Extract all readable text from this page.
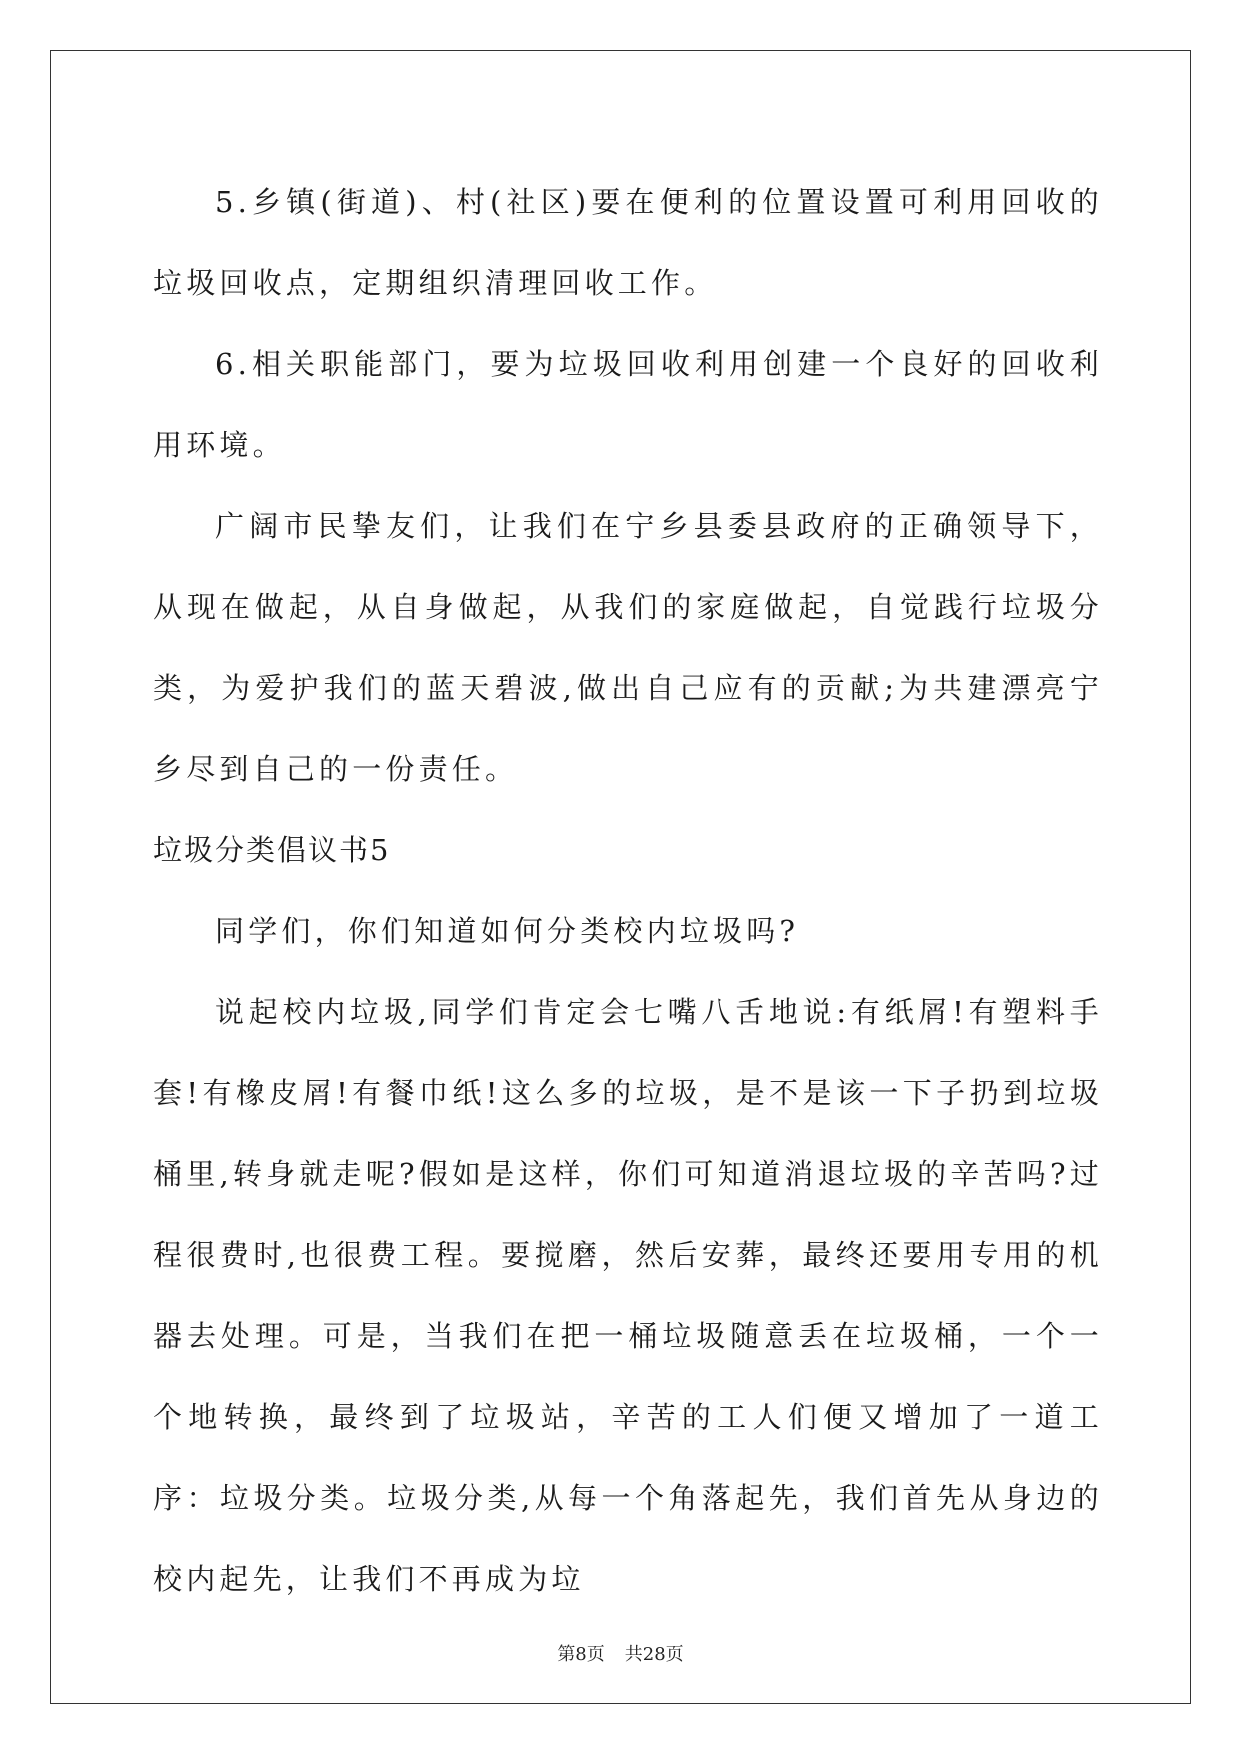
5.乡镇(街道)、村(社区)要在便利的位置设置可利用回收的垃圾回收点，定期组织清理回收工作。

6.相关职能部门，要为垃圾回收利用创建一个良好的回收利用环境。

广阔市民挚友们，让我们在宁乡县委县政府的正确领导下，从现在做起，从自身做起，从我们的家庭做起，自觉践行垃圾分类，为爱护我们的蓝天碧波,做出自己应有的贡献;为共建漂亮宁乡尽到自己的一份责任。

垃圾分类倡议书5

同学们，你们知道如何分类校内垃圾吗?

说起校内垃圾,同学们肯定会七嘴八舌地说:有纸屑!有塑料手套!有橡皮屑!有餐巾纸!这么多的垃圾，是不是该一下子扔到垃圾桶里,转身就走呢?假如是这样，你们可知道消退垃圾的辛苦吗?过程很费时,也很费工程。要搅磨，然后安葬，最终还要用专用的机器去处理。可是，当我们在把一桶垃圾随意丢在垃圾桶，一个一个地转换，最终到了垃圾站，辛苦的工人们便又增加了一道工序：垃圾分类。垃圾分类,从每一个角落起先，我们首先从身边的校内起先，让我们不再成为垃

第8页 共28页
